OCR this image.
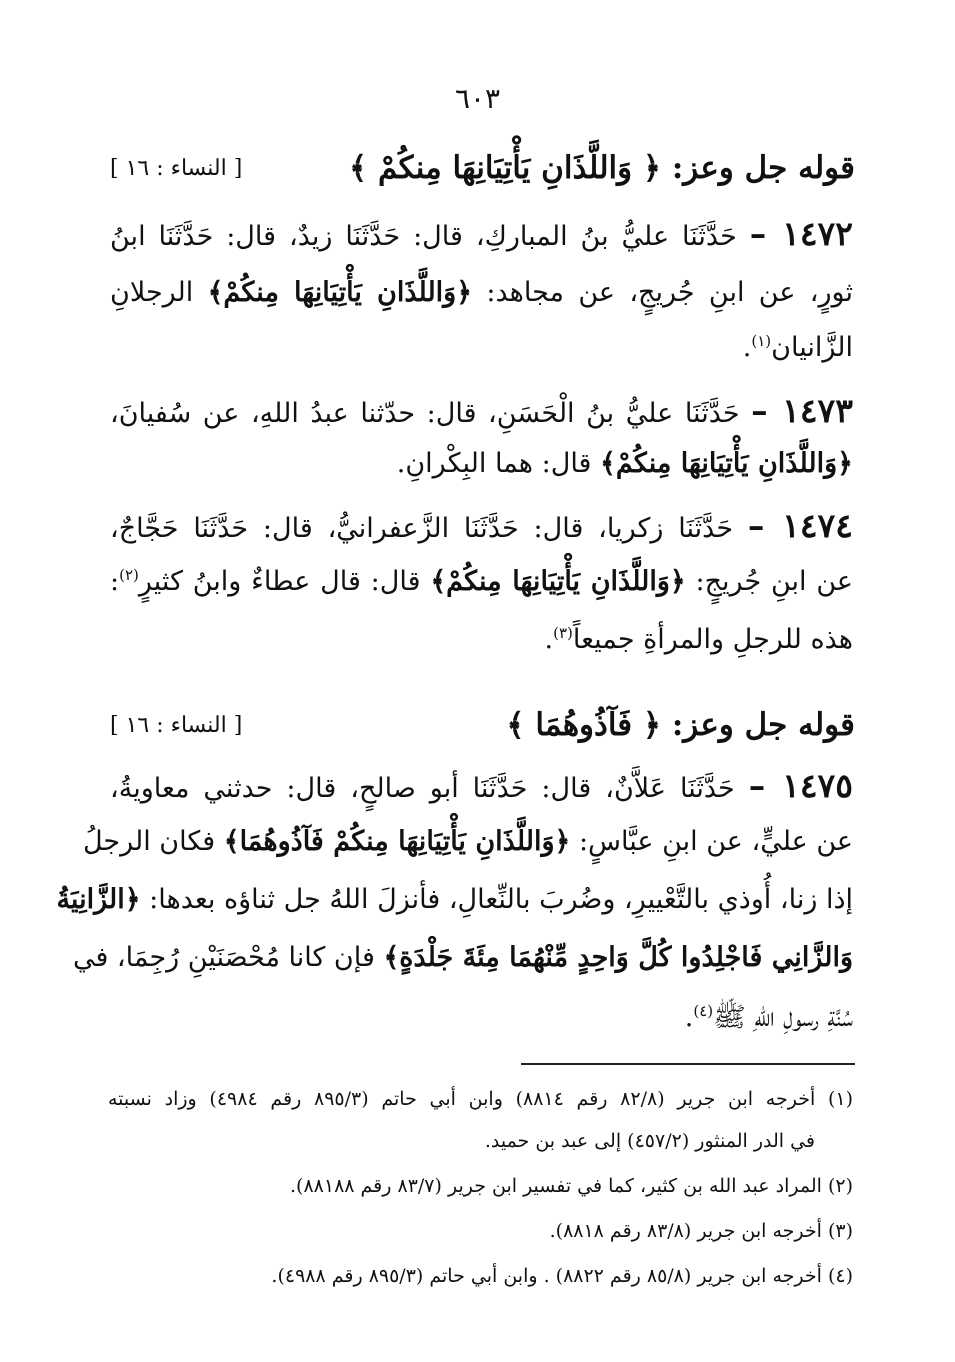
٦٠٣
قوله جل وعز: ﴿ وَاللَّذَانِ يَأْتِيَانِهَا مِنكُمْ ﴾
[ النساء : ١٦ ]
١٤٧٢ – حَدَّثَنَا عليُّ بنُ المباركِ، قال: حَدَّثَنَا زيدٌ، قال: حَدَّثَنَا ابنُ
ثورٍ، عن ابنِ جُريجٍ، عن مجاهد: ﴿وَاللَّذَانِ يَأْتِيَانِهَا مِنكُمْ﴾ الرجلانِ
الزَّانيان$^{(١)}$.
١٤٧٣ – حَدَّثَنَا عليُّ بنُ الْحَسَنِ، قال: حدّثنا عبدُ اللهِ، عن سُفيانَ،
﴿وَاللَّذَانِ يَأْتِيَانِهَا مِنكُمْ﴾ قال: هما البِكْرانِ.
١٤٧٤ – حَدَّثَنَا زكريا، قال: حَدَّثَنَا الزَّعفرانيُّ، قال: حَدَّثَنَا حَجَّاجٌ،
عن ابنِ جُريجٍ: ﴿وَاللَّذَانِ يَأْتِيَانِهَا مِنكُمْ﴾ قال: قال عطاءٌ وابنُ كثيرٍ$^{(٢)}$:
هذه للرجلِ والمرأةِ جميعاً$^{(٣)}$.
قوله جل وعز: ﴿ فَآذُوهُمَا ﴾
[ النساء : ١٦ ]
١٤٧٥ – حَدَّثَنَا عَلاَّنٌ، قال: حَدَّثَنَا أبو صالحٍ، قال: حدثني معاويةُ،
عن عليٍّ، عن ابنِ عبَّاسٍ: ﴿وَاللَّذَانِ يَأْتِيَانِهَا مِنكُمْ فَآذُوهُمَا﴾ فكان الرجلُ
إذا زنا، أُوذي بالتَّعْييرِ، وضُربَ بالنِّعالِ، فأنزلَ اللهُ جل ثناؤه بعدها: ﴿الزَّانِيَةُ
وَالزَّانِي فَاجْلِدُوا كُلَّ وَاحِدٍ مِّنْهُمَا مِئَةَ جَلْدَةٍ﴾ فإن كانا مُحْصَنَيْنِ رُجِمَا، في
سُنَّةِ رسولِ اللهِ ﷺ$^{(٤)}$.
(١) أخرجه ابن جرير (٨٢/٨ رقم ٨٨١٤) وابن أبي حاتم (٨٩٥/٣ رقم ٤٩٨٤) وزاد نسبته
في الدر المنثور (٤٥٧/٢) إلى عبد بن حميد.
(٢) المراد عبد الله بن كثير، كما في تفسير ابن جرير (٨٣/٧ رقم ٨٨١٨٨).
(٣) أخرجه ابن جرير (٨٣/٨ رقم ٨٨١٨).
(٤) أخرجه ابن جرير (٨٥/٨ رقم ٨٨٢٢) . وابن أبي حاتم (٨٩٥/٣ رقم ٤٩٨٨).
